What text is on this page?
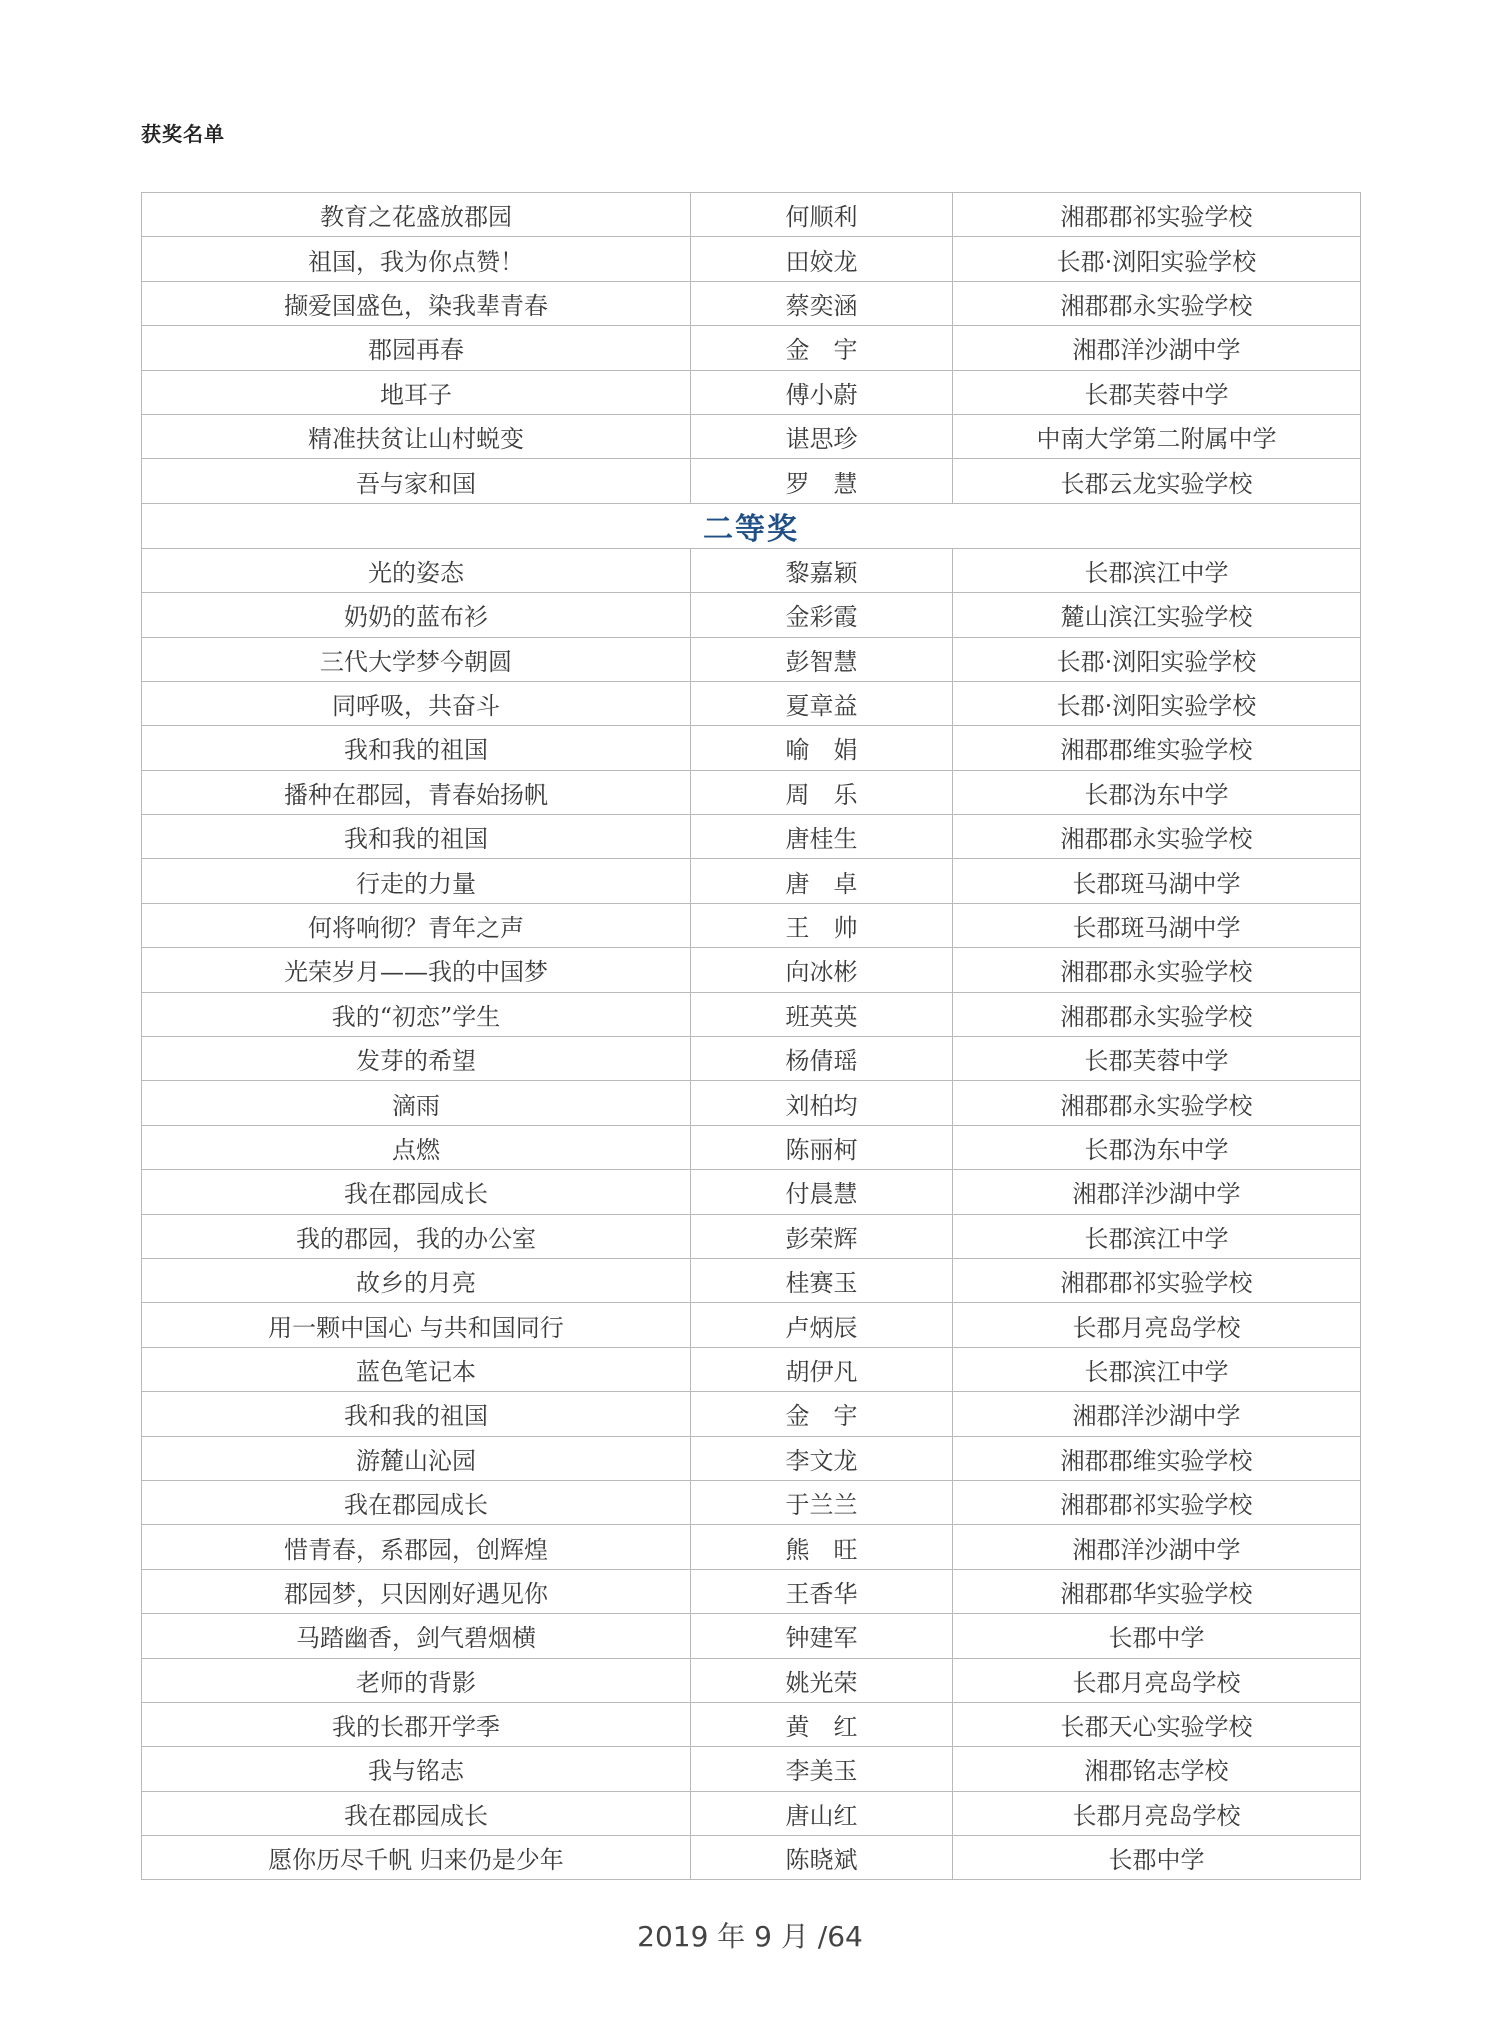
获奖名单
教育之花盛放郡园	何顺利	湘郡郡祁实验学校
祖国，我为你点赞！	田姣龙	长郡·浏阳实验学校
撷爱国盛色，染我辈青春	蔡奕涵	湘郡郡永实验学校
郡园再春	金　宇	湘郡洋沙湖中学
地耳子	傅小蔚	长郡芙蓉中学
精准扶贫让山村蜕变	谌思珍	中南大学第二附属中学
吾与家和国	罗　慧	长郡云龙实验学校
二等奖		
光的姿态	黎嘉颖	长郡滨江中学
奶奶的蓝布衫	金彩霞	麓山滨江实验学校
三代大学梦今朝圆	彭智慧	长郡·浏阳实验学校
同呼吸，共奋斗	夏章益	长郡·浏阳实验学校
我和我的祖国	喻　娟	湘郡郡维实验学校
播种在郡园，青春始扬帆	周　乐	长郡沩东中学
我和我的祖国	唐桂生	湘郡郡永实验学校
行走的力量	唐　卓	长郡斑马湖中学
何将响彻？青年之声	王　帅	长郡斑马湖中学
光荣岁月——我的中国梦	向冰彬	湘郡郡永实验学校
我的“初恋”学生	班英英	湘郡郡永实验学校
发芽的希望	杨倩瑶	长郡芙蓉中学
滴雨	刘柏均	湘郡郡永实验学校
点燃	陈丽柯	长郡沩东中学
我在郡园成长	付晨慧	湘郡洋沙湖中学
我的郡园，我的办公室	彭荣辉	长郡滨江中学
故乡的月亮	桂赛玉	湘郡郡祁实验学校
用一颗中国心 与共和国同行	卢炳辰	长郡月亮岛学校
蓝色笔记本	胡伊凡	长郡滨江中学
我和我的祖国	金　宇	湘郡洋沙湖中学
游麓山沁园	李文龙	湘郡郡维实验学校
我在郡园成长	于兰兰	湘郡郡祁实验学校
惜青春，系郡园，创辉煌	熊　旺	湘郡洋沙湖中学
郡园梦，只因刚好遇见你	王香华	湘郡郡华实验学校
马踏幽香，剑气碧烟横	钟建军	长郡中学
老师的背影	姚光荣	长郡月亮岛学校
我的长郡开学季	黄　红	长郡天心实验学校
我与铭志	李美玉	湘郡铭志学校
我在郡园成长	唐山红	长郡月亮岛学校
愿你历尽千帆 归来仍是少年	陈晓斌	长郡中学
2019 年 9 月 /64
